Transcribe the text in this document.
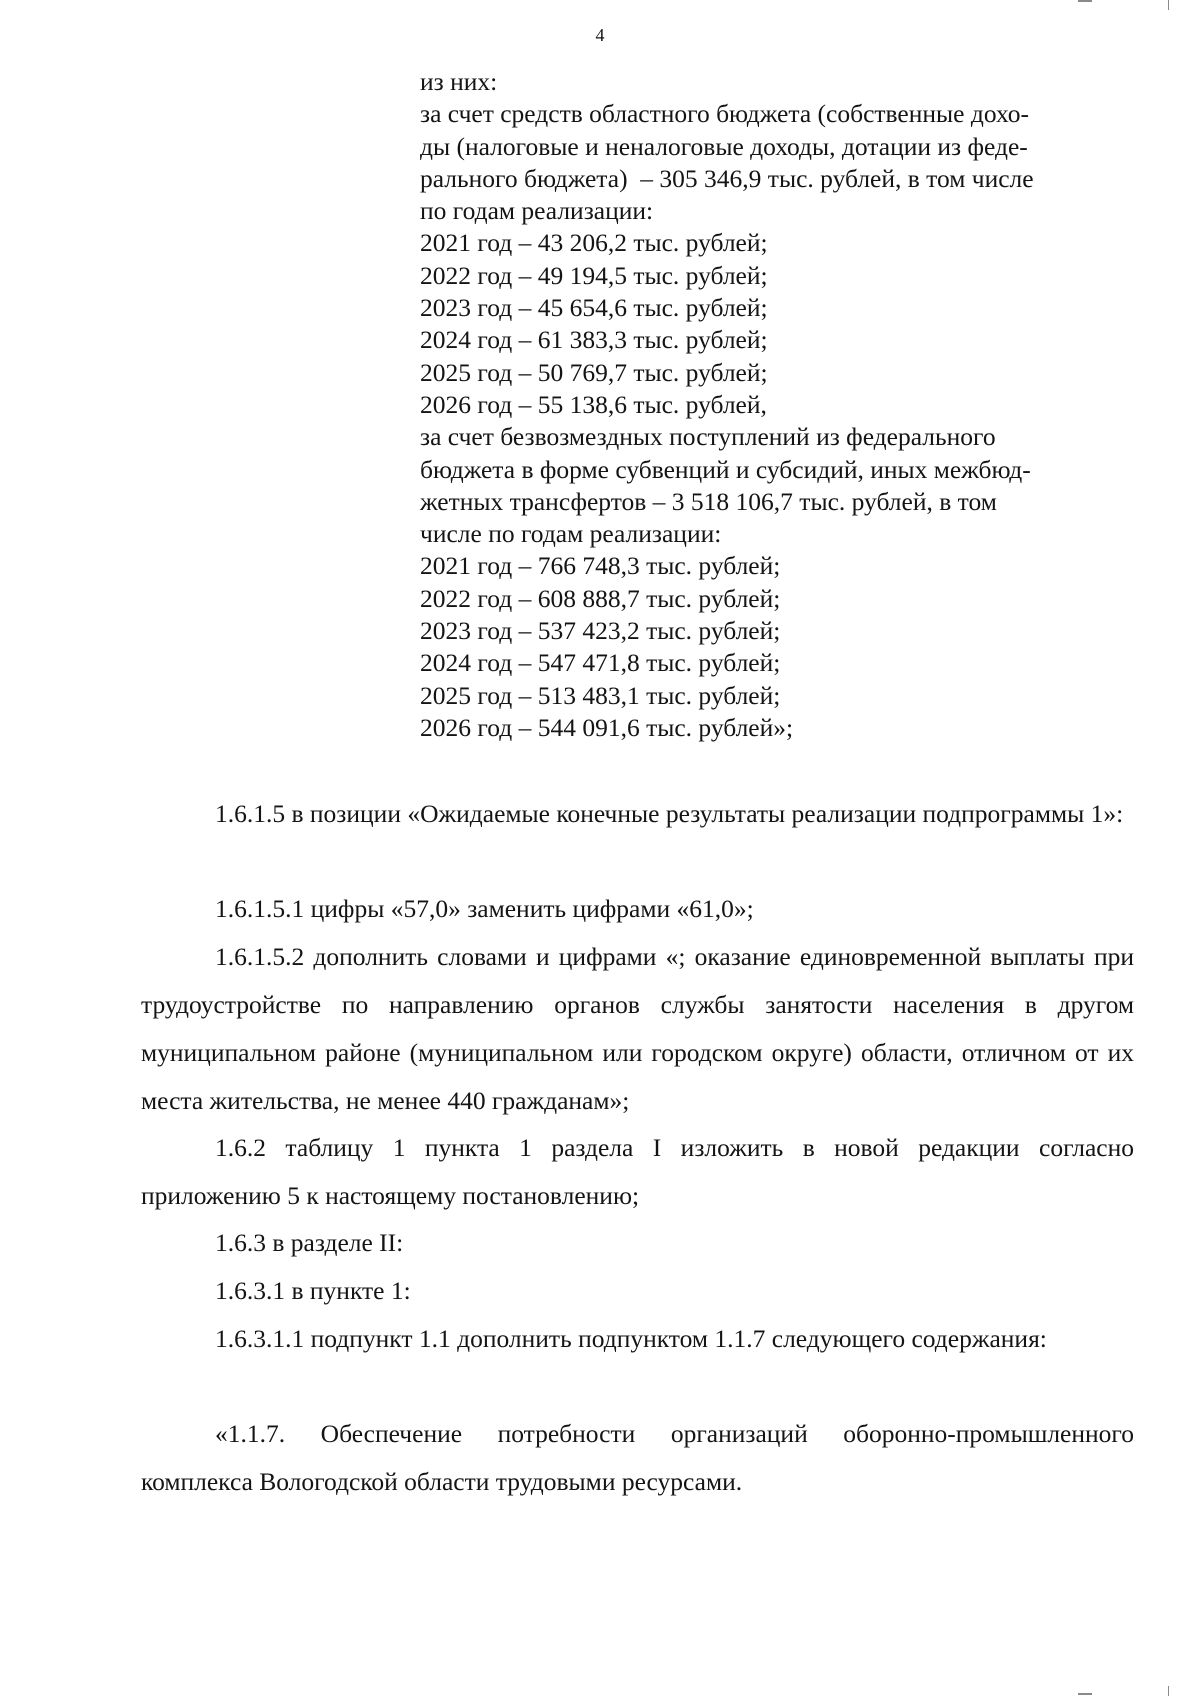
4
из них:
за счет средств областного бюджета (собственные дохо-
ды (налоговые и неналоговые доходы, дотации из феде-
рального бюджета)  – 305 346,9 тыс. рублей, в том числе
по годам реализации:
2021 год – 43 206,2 тыс. рублей;
2022 год – 49 194,5 тыс. рублей;
2023 год – 45 654,6 тыс. рублей;
2024 год – 61 383,3 тыс. рублей;
2025 год – 50 769,7 тыс. рублей;
2026 год – 55 138,6 тыс. рублей,
за счет безвозмездных поступлений из федерального
бюджета в форме субвенций и субсидий, иных межбюд-
жетных трансфертов – 3 518 106,7 тыс. рублей, в том
числе по годам реализации:
2021 год – 766 748,3 тыс. рублей;
2022 год – 608 888,7 тыс. рублей;
2023 год – 537 423,2 тыс. рублей;
2024 год – 547 471,8 тыс. рублей;
2025 год – 513 483,1 тыс. рублей;
2026 год – 544 091,6 тыс. рублей»;

1.6.1.5 в позиции «Ожидаемые конечные результаты реализации подпрограммы 1»:

1.6.1.5.1 цифры «57,0» заменить цифрами «61,0»;

1.6.1.5.2 дополнить словами и цифрами «; оказание единовременной выплаты при трудоустройстве по направлению органов службы занятости населения в другом муниципальном районе (муниципальном или городском округе) области, отличном от их места жительства, не менее 440 гражданам»;

1.6.2 таблицу 1 пункта 1 раздела I изложить в новой редакции согласно приложению 5 к настоящему постановлению;

1.6.3 в разделе II:

1.6.3.1 в пункте 1:

1.6.3.1.1 подпункт 1.1 дополнить подпунктом 1.1.7 следующего содержания:

«1.1.7. Обеспечение потребности организаций оборонно-промышленного комплекса Вологодской области трудовыми ресурсами.
